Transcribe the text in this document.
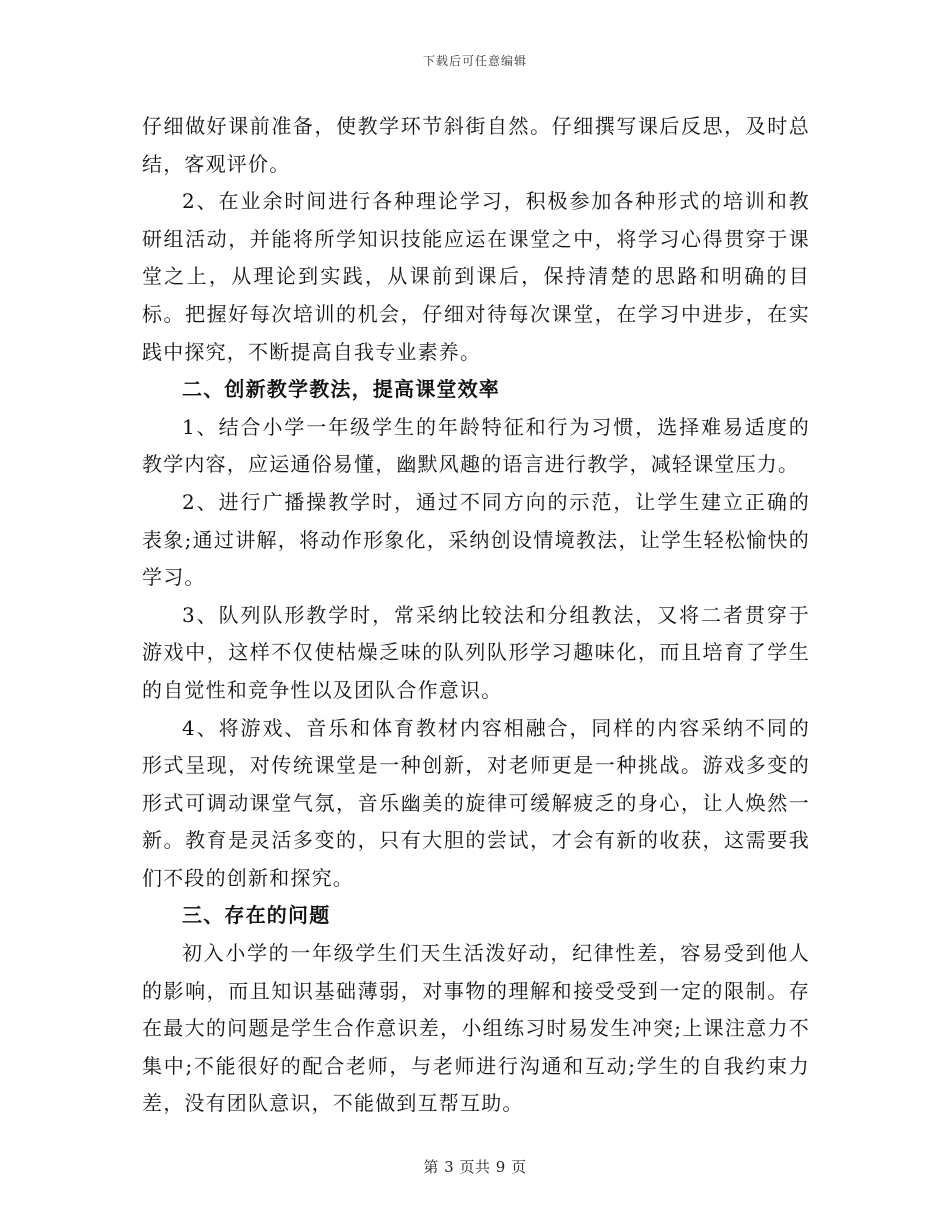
下载后可任意编辑

仔细做好课前准备，使教学环节斜街自然。仔细撰写课后反思，及时总结，客观评价。

2、在业余时间进行各种理论学习，积极参加各种形式的培训和教研组活动，并能将所学知识技能应运在课堂之中，将学习心得贯穿于课堂之上，从理论到实践，从课前到课后，保持清楚的思路和明确的目标。把握好每次培训的机会，仔细对待每次课堂，在学习中进步，在实践中探究，不断提高自我专业素养。

二、创新教学教法，提高课堂效率

1、结合小学一年级学生的年龄特征和行为习惯，选择难易适度的教学内容，应运通俗易懂，幽默风趣的语言进行教学，减轻课堂压力。

2、进行广播操教学时，通过不同方向的示范，让学生建立正确的表象;通过讲解，将动作形象化，采纳创设情境教法，让学生轻松愉快的学习。

3、队列队形教学时，常采纳比较法和分组教法，又将二者贯穿于游戏中，这样不仅使枯燥乏味的队列队形学习趣味化，而且培育了学生的自觉性和竞争性以及团队合作意识。

4、将游戏、音乐和体育教材内容相融合，同样的内容采纳不同的形式呈现，对传统课堂是一种创新，对老师更是一种挑战。游戏多变的形式可调动课堂气氛，音乐幽美的旋律可缓解疲乏的身心，让人焕然一新。教育是灵活多变的，只有大胆的尝试，才会有新的收获，这需要我们不段的创新和探究。

三、存在的问题

初入小学的一年级学生们天生活泼好动，纪律性差，容易受到他人的影响，而且知识基础薄弱，对事物的理解和接受受到一定的限制。存在最大的问题是学生合作意识差，小组练习时易发生冲突;上课注意力不集中;不能很好的配合老师，与老师进行沟通和互动;学生的自我约束力差，没有团队意识，不能做到互帮互助。

第 3 页共 9 页
